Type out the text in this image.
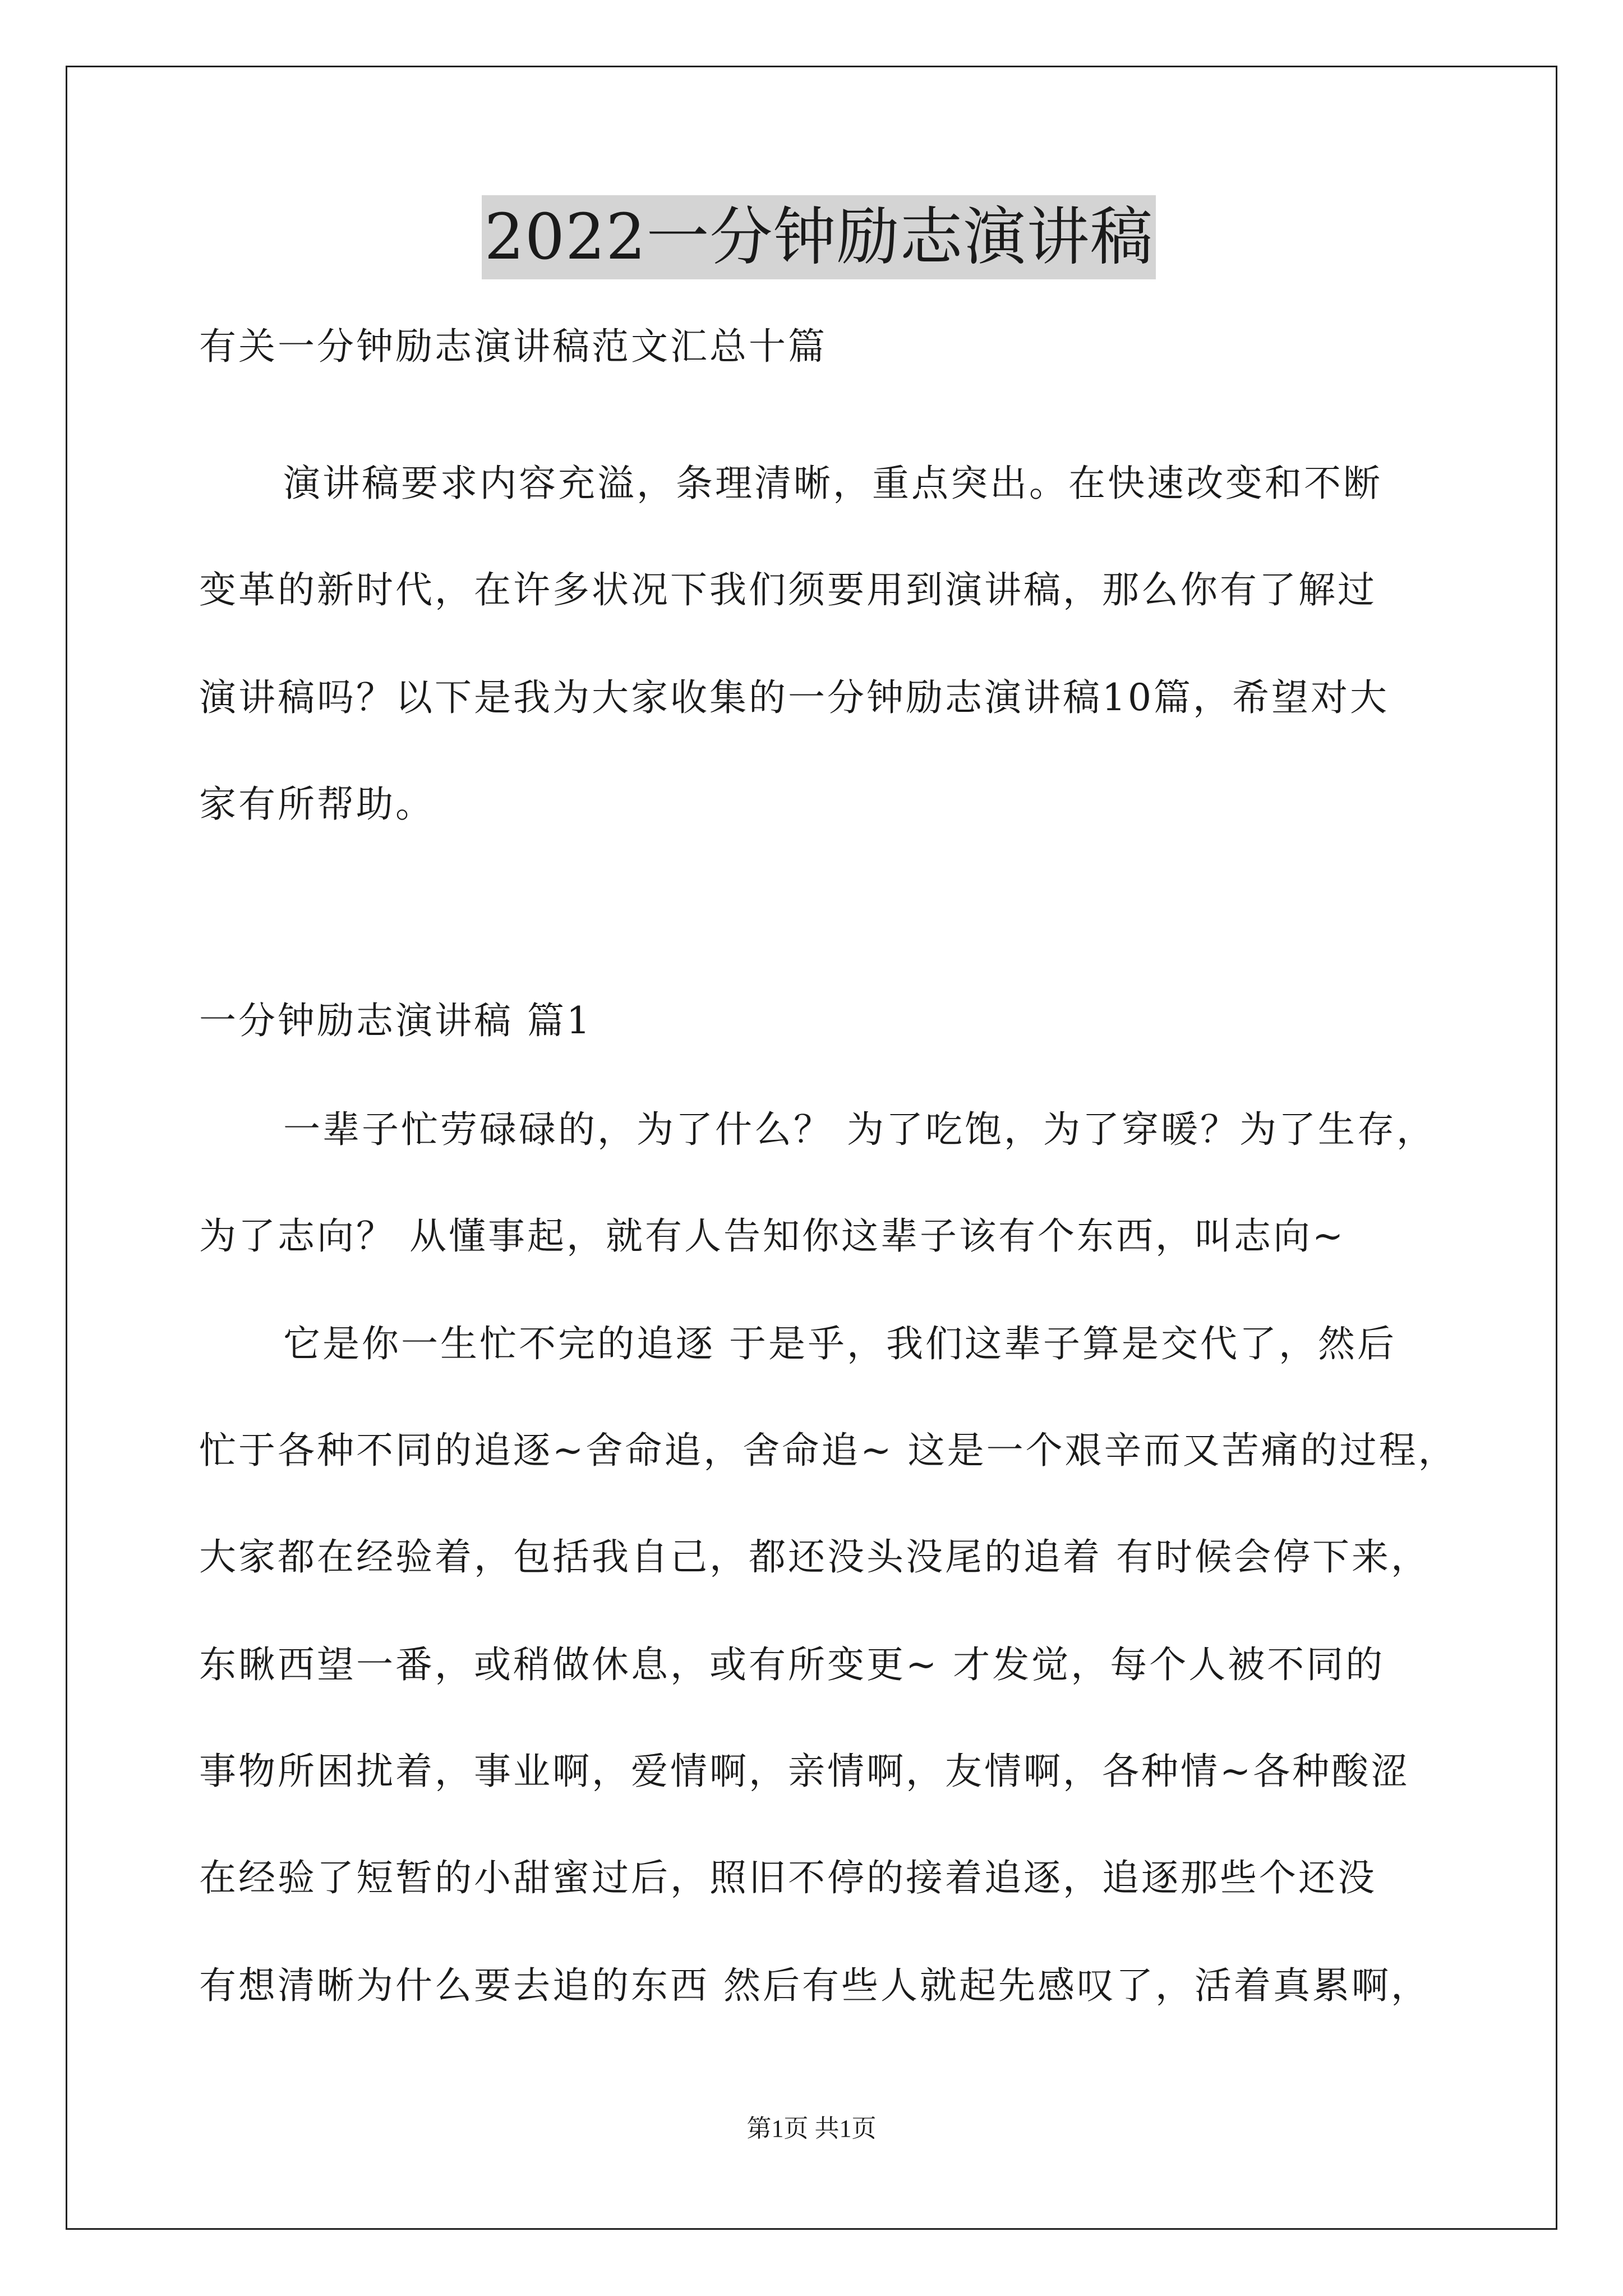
2022一分钟励志演讲稿
有关一分钟励志演讲稿范文汇总十篇
演讲稿要求内容充溢，条理清晰，重点突出。在快速改变和不断
变革的新时代，在许多状况下我们须要用到演讲稿，那么你有了解过
演讲稿吗？以下是我为大家收集的一分钟励志演讲稿10篇，希望对大
家有所帮助。
一分钟励志演讲稿 篇1
一辈子忙劳碌碌的，为了什么？ 为了吃饱，为了穿暖？为了生存，
为了志向？ 从懂事起，就有人告知你这辈子该有个东西，叫志向~
它是你一生忙不完的追逐 于是乎，我们这辈子算是交代了，然后
忙于各种不同的追逐~舍命追，舍命追~ 这是一个艰辛而又苦痛的过程，
大家都在经验着，包括我自己，都还没头没尾的追着 有时候会停下来，
东瞅西望一番，或稍做休息，或有所变更~ 才发觉，每个人被不同的
事物所困扰着，事业啊，爱情啊，亲情啊，友情啊，各种情~各种酸涩
在经验了短暂的小甜蜜过后，照旧不停的接着追逐，追逐那些个还没
有想清晰为什么要去追的东西 然后有些人就起先感叹了，活着真累啊，
第1页 共1页
